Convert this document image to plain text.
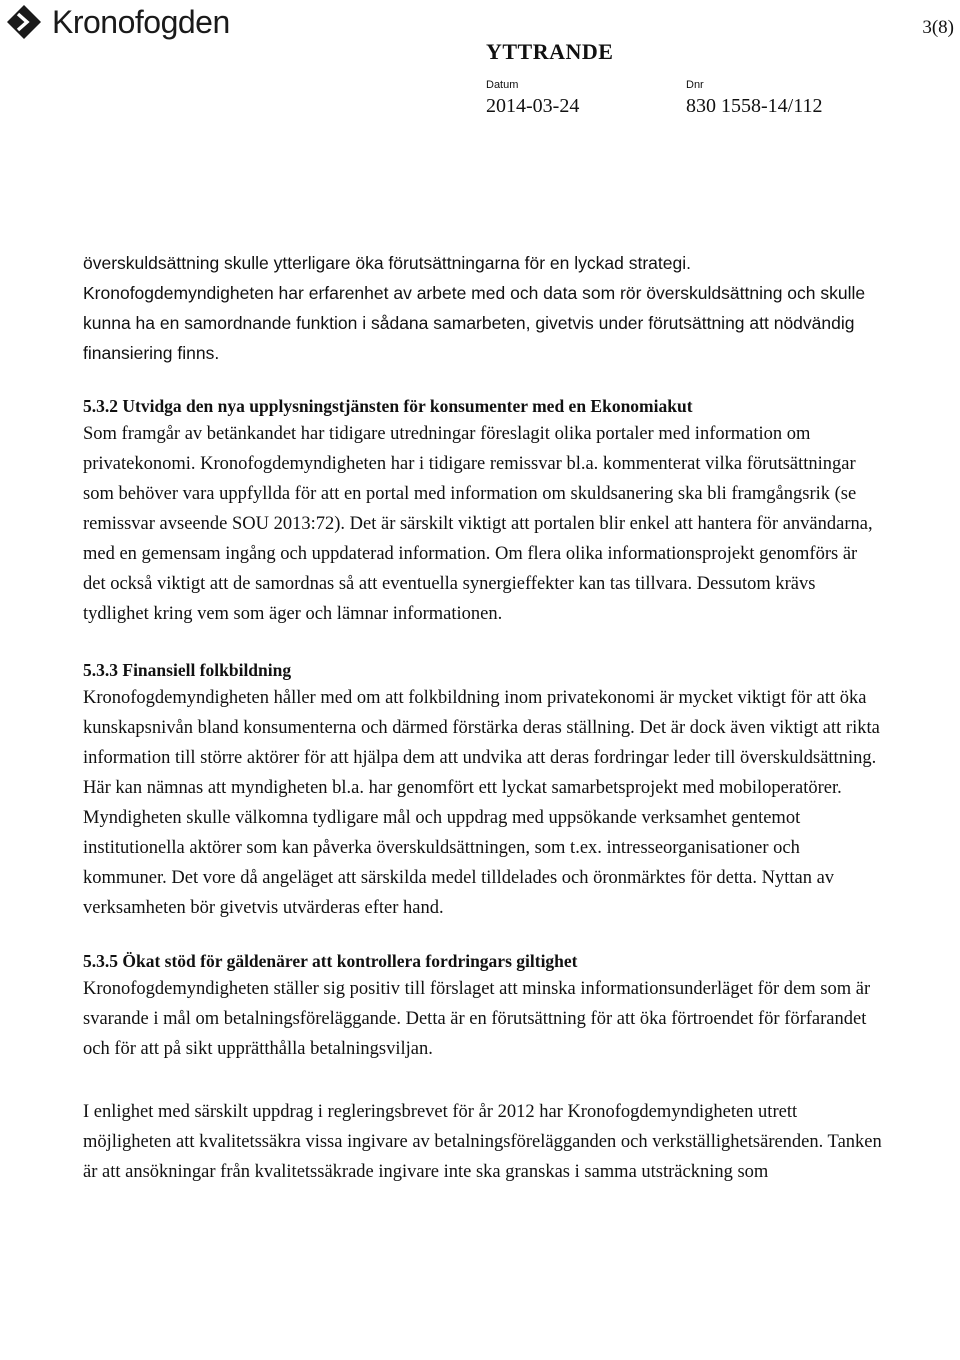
Kronofogden	3(8)
YTTRANDE
Datum
2014-03-24
Dnr
830 1558-14/112

överskuldsättning skulle ytterligare öka förutsättningarna för en lyckad strategi. Kronofogdemyndigheten har erfarenhet av arbete med och data som rör överskuldsättning och skulle kunna ha en samordnande funktion i sådana samarbeten, givetvis under förutsättning att nödvändig finansiering finns.

5.3.2 Utvidga den nya upplysningstjänsten för konsumenter med en Ekonomiakut

Som framgår av betänkandet har tidigare utredningar föreslagit olika portaler med information om privatekonomi. Kronofogdemyndigheten har i tidigare remissvar bl.a. kommenterat vilka förutsättningar som behöver vara uppfyllda för att en portal med information om skuldsanering ska bli framgångsrik (se remissvar avseende SOU 2013:72). Det är särskilt viktigt att portalen blir enkel att hantera för användarna, med en gemensam ingång och uppdaterad information. Om flera olika informationsprojekt genomförs är det också viktigt att de samordnas så att eventuella synergieffekter kan tas tillvara. Dessutom krävs tydlighet kring vem som äger och lämnar informationen.

5.3.3 Finansiell folkbildning

Kronofogdemyndigheten håller med om att folkbildning inom privatekonomi är mycket viktigt för att öka kunskapsnivån bland konsumenterna och därmed förstärka deras ställning. Det är dock även viktigt att rikta information till större aktörer för att hjälpa dem att undvika att deras fordringar leder till överskuldsättning. Här kan nämnas att myndigheten bl.a. har genomfört ett lyckat samarbetsprojekt med mobiloperatörer. Myndigheten skulle välkomna tydligare mål och uppdrag med uppsökande verksamhet gentemot institutionella aktörer som kan påverka överskuldsättningen, som t.ex. intresseorganisationer och kommuner. Det vore då angeläget att särskilda medel tilldelades och öronmärktes för detta. Nyttan av verksamheten bör givetvis utvärderas efter hand.

5.3.5 Ökat stöd för gäldenärer att kontrollera fordringars giltighet

Kronofogdemyndigheten ställer sig positiv till förslaget att minska informationsunderläget för dem som är svarande i mål om betalningsföreläggande. Detta är en förutsättning för att öka förtroendet för förfarandet och för att på sikt upprätthålla betalningsviljan.

I enlighet med särskilt uppdrag i regleringsbrevet för år 2012 har Kronofogdemyndigheten utrett möjligheten att kvalitetssäkra vissa ingivare av betalningsförelägganden och verkställighetsärenden. Tanken är att ansökningar från kvalitetssäkrade ingivare inte ska granskas i samma utsträckning som
